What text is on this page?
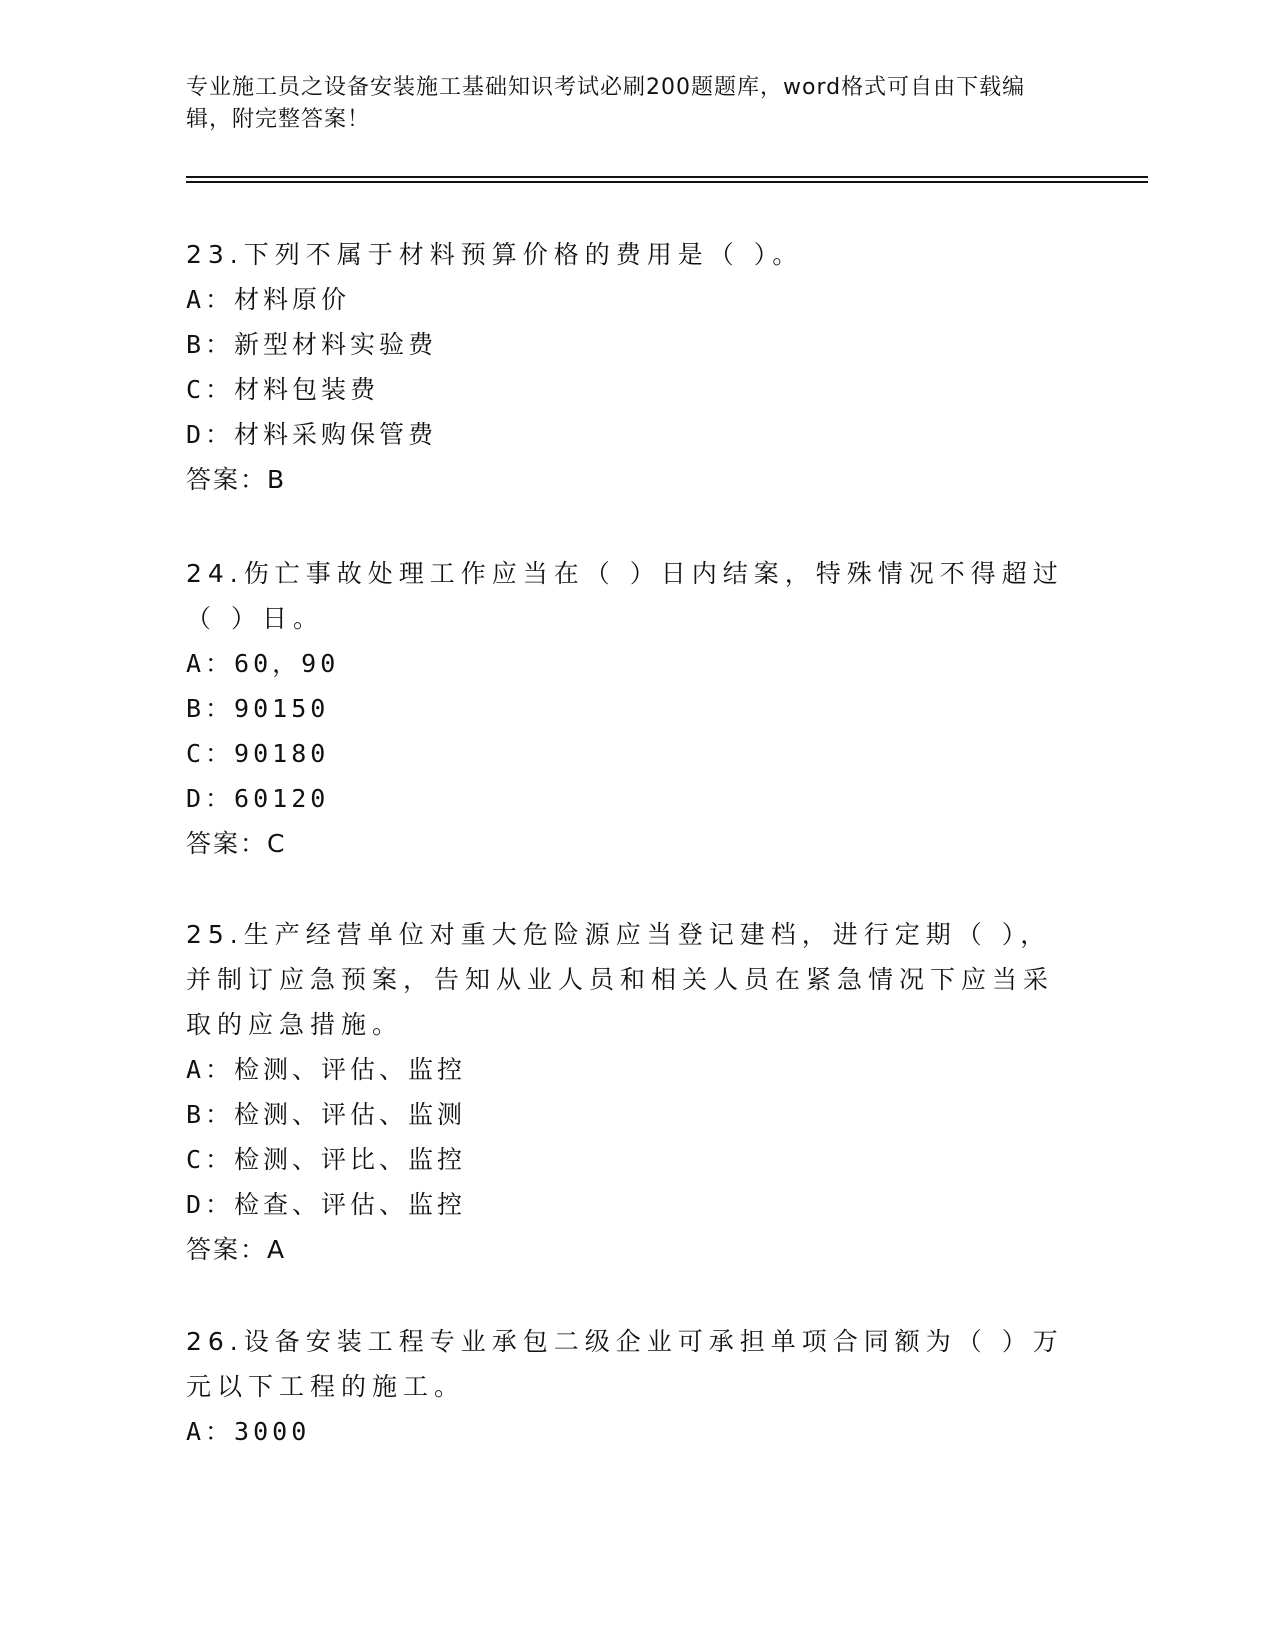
专业施工员之设备安装施工基础知识考试必刷200题题库，word格式可自由下载编辑，附完整答案！
23.下列不属于材料预算价格的费用是（ ）。
A：材料原价
B：新型材料实验费
C：材料包装费
D：材料采购保管费
答案：B
24.伤亡事故处理工作应当在（ ）日内结案，特殊情况不得超过（ ）日。
A：60，90
B：90150
C：90180
D：60120
答案：C
25.生产经营单位对重大危险源应当登记建档，进行定期（ ），并制订应急预案，告知从业人员和相关人员在紧急情况下应当采取的应急措施。
A：检测、评估、监控
B：检测、评估、监测
C：检测、评比、监控
D：检查、评估、监控
答案：A
26.设备安装工程专业承包二级企业可承担单项合同额为（ ）万元以下工程的施工。
A：3000
